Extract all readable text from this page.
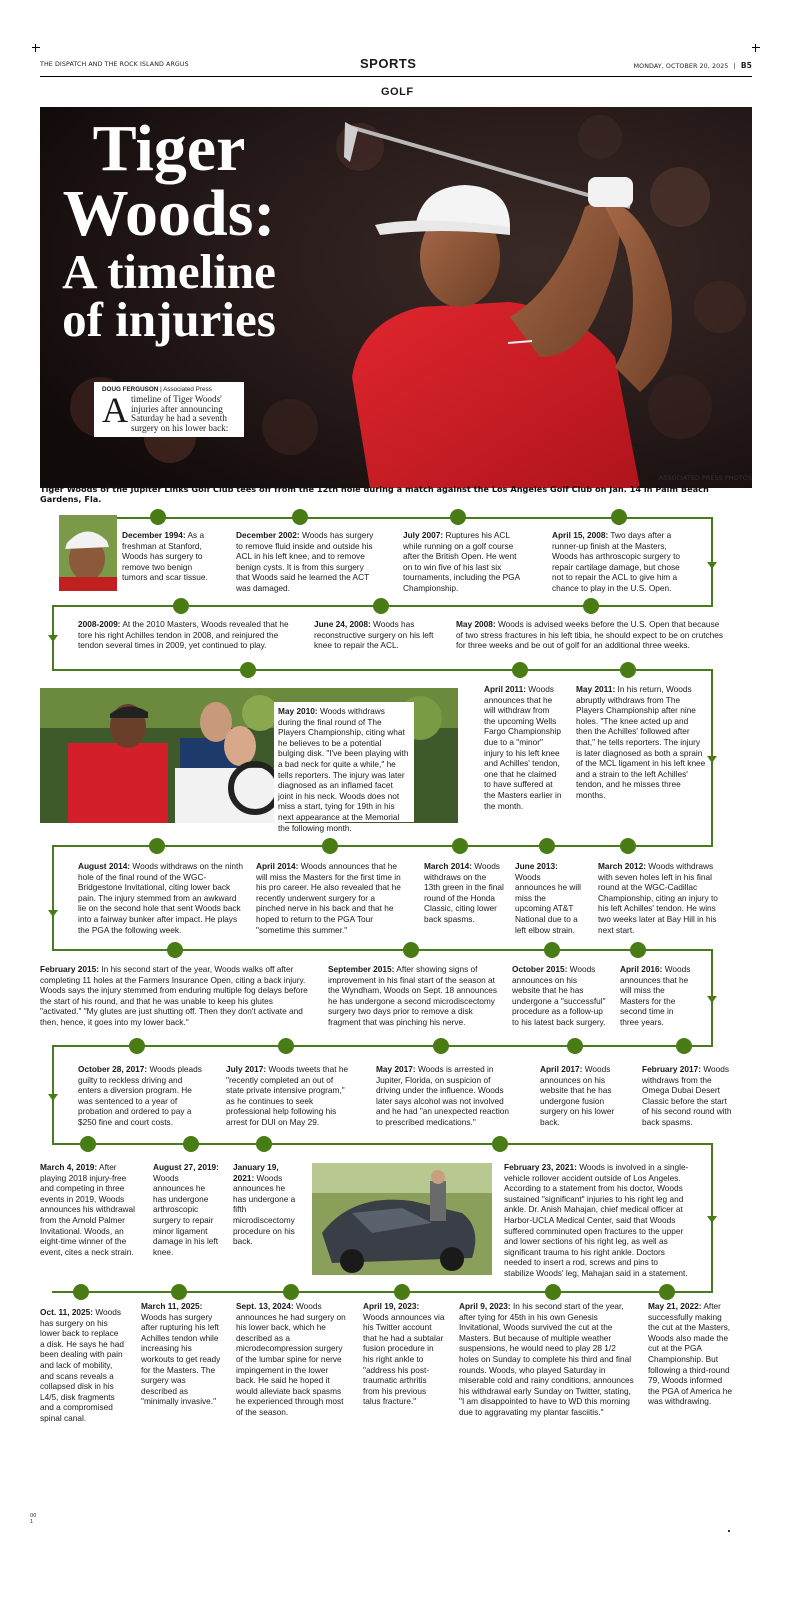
THE DISPATCH AND THE ROCK ISLAND ARGUS	SPORTS	MONDAY, OCTOBER 20, 2025 | B5
GOLF
Tiger
Woods:
A timeline
of injuries
DOUG FERGUSON | Associated Press
A timeline of Tiger Woods' injuries after announcing Saturday he had a seventh surgery on his lower back:
ASSOCIATED PRESS PHOTOS
Tiger Woods of the Jupiter Links Golf Club tees off from the 12th hole during a match against the Los Angeles Golf Club on Jan. 14 in Palm Beach Gardens, Fla.
December 1994: As a freshman at Stanford, Woods has surgery to remove two benign tumors and scar tissue.
December 2002: Woods has surgery to remove fluid inside and outside his ACL in his left knee, and to remove benign cysts. It is from this surgery that Woods said he learned the ACT was damaged.
July 2007: Ruptures his ACL while running on a golf course after the British Open. He went on to win five of his last six tournaments, including the PGA Championship.
April 15, 2008: Two days after a runner-up finish at the Masters, Woods has arthroscopic surgery to repair cartilage damage, but chose not to repair the ACL to give him a chance to play in the U.S. Open.
2008-2009: At the 2010 Masters, Woods revealed that he tore his right Achilles tendon in 2008, and reinjured the tendon several times in 2009, yet continued to play.
June 24, 2008: Woods has reconstructive surgery on his left knee to repair the ACL.
May 2008: Woods is advised weeks before the U.S. Open that because of two stress fractures in his left tibia, he should expect to be on crutches for three weeks and be out of golf for an additional three weeks.
May 2010: Woods withdraws during the final round of The Players Championship, citing what he believes to be a potential bulging disk. "I've been playing with a bad neck for quite a while," he tells reporters. The injury was later diagnosed as an inflamed facet joint in his neck. Woods does not miss a start, tying for 19th in his next appearance at the Memorial the following month.
April 2011: Woods announces that he will withdraw from the upcoming Wells Fargo Championship due to a "minor" injury to his left knee and Achilles' tendon, one that he claimed to have suffered at the Masters earlier in the month.
May 2011: In his return, Woods abruptly withdraws from The Players Championship after nine holes. "The knee acted up and then the Achilles' followed after that," he tells reporters. The injury is later diagnosed as both a sprain of the MCL ligament in his left knee and a strain to the left Achilles' tendon, and he misses three months.
August 2014: Woods withdraws on the ninth hole of the final round of the WGC-Bridgestone Invitational, citing lower back pain. The injury stemmed from an awkward lie on the second hole that sent Woods back into a fairway bunker after impact. He plays the PGA the following week.
April 2014: Woods announces that he will miss the Masters for the first time in his pro career. He also revealed that he recently underwent surgery for a pinched nerve in his back and that he hoped to return to the PGA Tour "sometime this summer."
March 2014: Woods withdraws on the 13th green in the final round of the Honda Classic, citing lower back spasms.
June 2013: Woods announces he will miss the upcoming AT&T National due to a left elbow strain.
March 2012: Woods withdraws with seven holes left in his final round at the WGC-Cadillac Championship, citing an injury to his left Achilles' tendon. He wins two weeks later at Bay Hill in his next start.
February 2015: In his second start of the year, Woods walks off after completing 11 holes at the Farmers Insurance Open, citing a back injury. Woods says the injury stemmed from enduring multiple fog delays before the start of his round, and that he was unable to keep his glutes "activated." "My glutes are just shutting off. Then they don't activate and then, hence, it goes into my lower back."
September 2015: After showing signs of improvement in his final start of the season at the Wyndham, Woods on Sept. 18 announces he has undergone a second microdiscectomy surgery two days prior to remove a disk fragment that was pinching his nerve.
October 2015: Woods announces on his website that he has undergone a "successful" procedure as a follow-up to his latest back surgery.
April 2016: Woods announces that he will miss the Masters for the second time in three years.
October 28, 2017: Woods pleads guilty to reckless driving and enters a diversion program. He was sentenced to a year of probation and ordered to pay a $250 fine and court costs.
July 2017: Woods tweets that he "recently completed an out of state private intensive program," as he continues to seek professional help following his arrest for DUI on May 29.
May 2017: Woods is arrested in Jupiter, Florida, on suspicion of driving under the influence. Woods later says alcohol was not involved and he had "an unexpected reaction to prescribed medications."
April 2017: Woods announces on his website that he has undergone fusion surgery on his lower back.
February 2017: Woods withdraws from the Omega Dubai Desert Classic before the start of his second round with back spasms.
March 4, 2019: After playing 2018 injury-free and competing in three events in 2019, Woods announces his withdrawal from the Arnold Palmer Invitational. Woods, an eight-time winner of the event, cites a neck strain.
August 27, 2019: Woods announces he has undergone arthroscopic surgery to repair minor ligament damage in his left knee.
January 19, 2021: Woods announces he has undergone a fifth microdiscectomy procedure on his back.
February 23, 2021: Woods is involved in a single-vehicle rollover accident outside of Los Angeles. According to a statement from his doctor, Woods sustained "significant" injuries to his right leg and ankle. Dr. Anish Mahajan, chief medical officer at Harbor-UCLA Medical Center, said that Woods suffered comminuted open fractures to the upper and lower sections of his right leg, as well as significant trauma to his right ankle. Doctors needed to insert a rod, screws and pins to stabilize Woods' leg, Mahajan said in a statement.
Oct. 11, 2025: Woods has surgery on his lower back to replace a disk. He says he had been dealing with pain and lack of mobility, and scans reveals a collapsed disk in his L4/5, disk fragments and a compromised spinal canal.
March 11, 2025: Woods has surgery after rupturing his left Achilles tendon while increasing his workouts to get ready for the Masters. The surgery was described as "minimally invasive."
Sept. 13, 2024: Woods announces he had surgery on his lower back, which he described as a microdecompression surgery of the lumbar spine for nerve impingement in the lower back. He said he hoped it would alleviate back spasms he experienced through most of the season.
April 19, 2023: Woods announces via his Twitter account that he had a subtalar fusion procedure in his right ankle to "address his post-traumatic arthritis from his previous talus fracture."
April 9, 2023: In his second start of the year, after tying for 45th in his own Genesis Invitational, Woods survived the cut at the Masters. But because of multiple weather suspensions, he would need to play 28 1/2 holes on Sunday to complete his third and final rounds. Woods, who played Saturday in miserable cold and rainy conditions, announces his withdrawal early Sunday on Twitter, stating, "I am disappointed to have to WD this morning due to aggravating my plantar fasciitis."
May 21, 2022: After successfully making the cut at the Masters, Woods also made the cut at the PGA Championship. But following a third-round 79, Woods informed the PGA of America he was withdrawing.
00
1
